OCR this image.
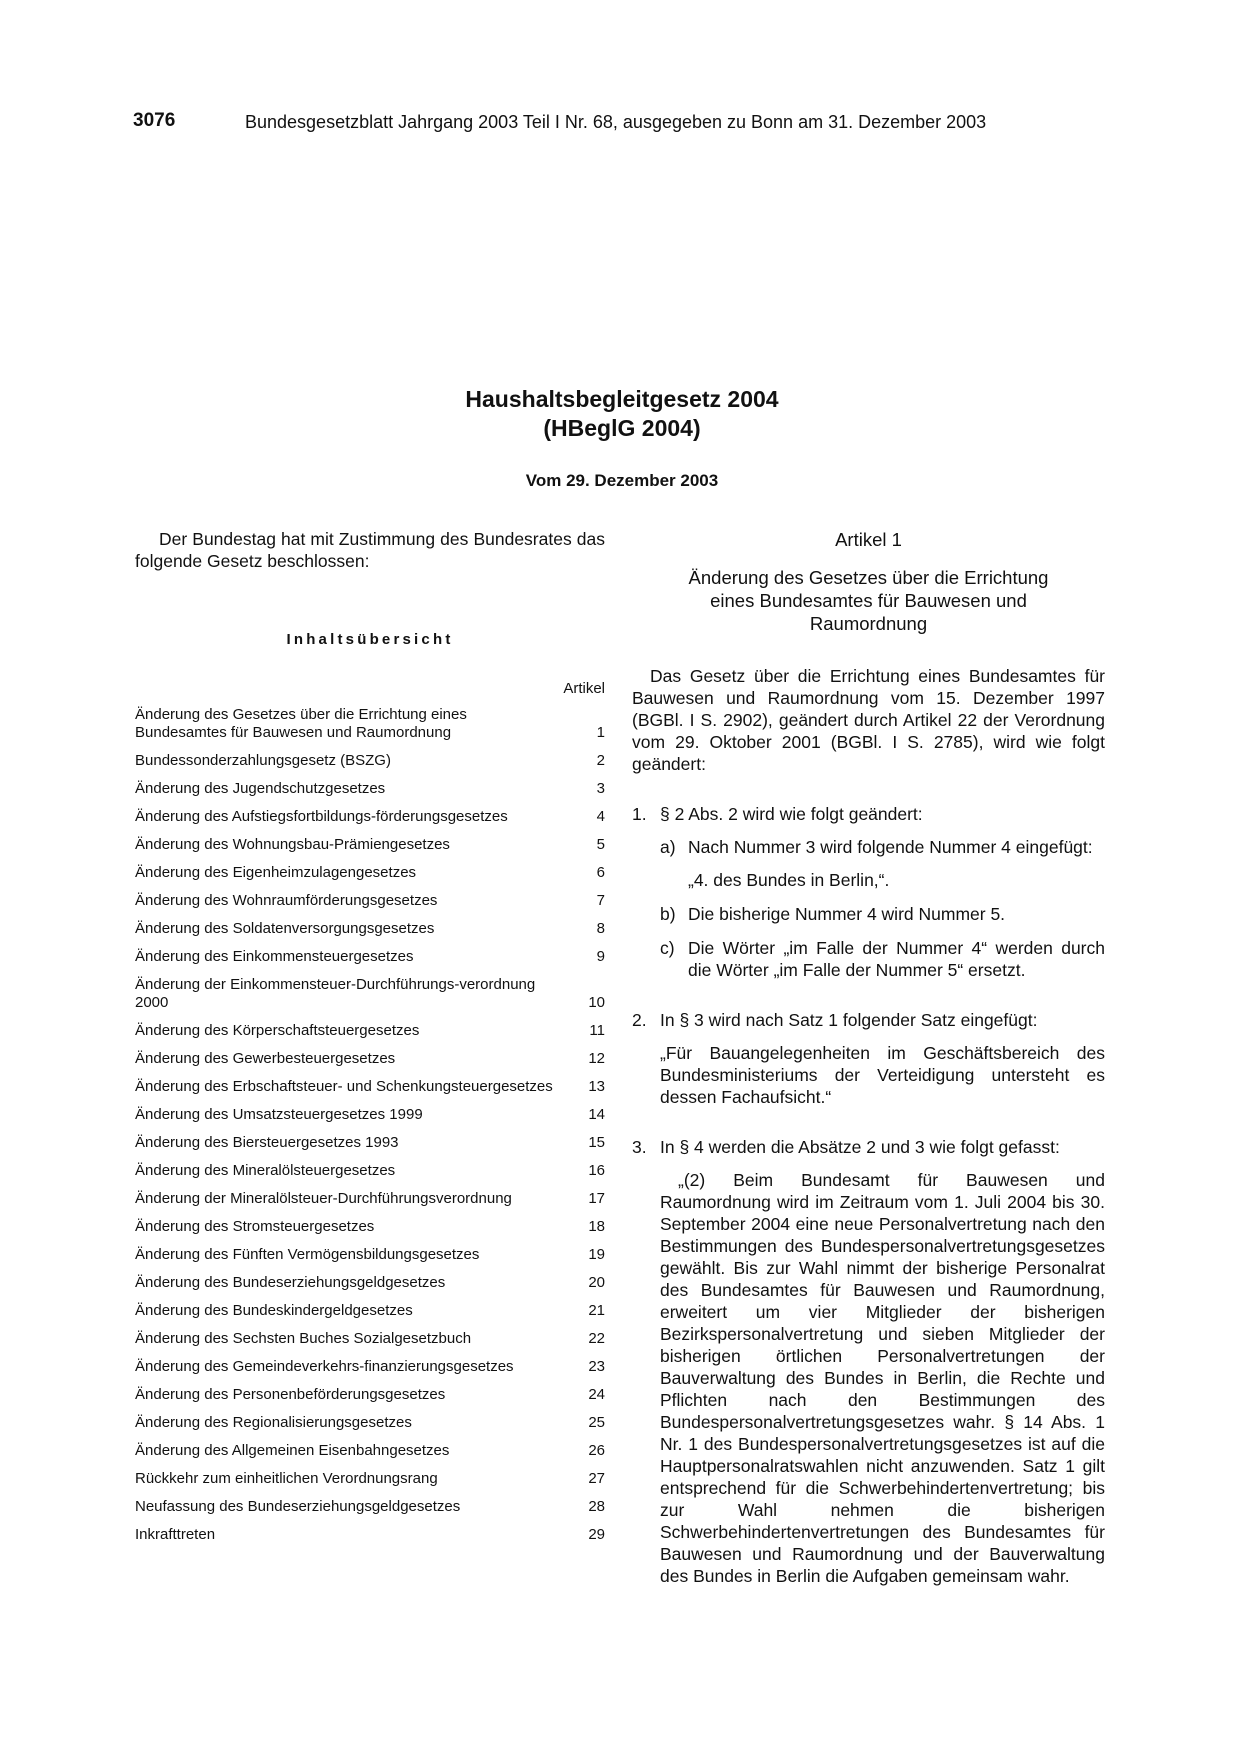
3076	Bundesgesetzblatt Jahrgang 2003 Teil I Nr. 68, ausgegeben zu Bonn am 31. Dezember 2003
Haushaltsbegleitgesetz 2004
(HBeglG 2004)
Vom 29. Dezember 2003

Der Bundestag hat mit Zustimmung des Bundesrates das folgende Gesetz beschlossen:

Inhaltsübersicht
Artikel
Änderung des Gesetzes über die Errichtung eines Bundesamtes für Bauwesen und Raumordnung	1
Bundessonderzahlungsgesetz (BSZG)	2
Änderung des Jugendschutzgesetzes	3
Änderung des Aufstiegsfortbildungs-förderungsgesetzes	4
Änderung des Wohnungsbau-Prämiengesetzes	5
Änderung des Eigenheimzulagengesetzes	6
Änderung des Wohnraumförderungsgesetzes	7
Änderung des Soldatenversorgungsgesetzes	8
Änderung des Einkommensteuergesetzes	9
Änderung der Einkommensteuer-Durchführungs-verordnung 2000	10
Änderung des Körperschaftsteuergesetzes	11
Änderung des Gewerbesteuergesetzes	12
Änderung des Erbschaftsteuer- und Schenkungsteuergesetzes 13
Änderung des Umsatzsteuergesetzes 1999	14
Änderung des Biersteuergesetzes 1993	15
Änderung des Mineralölsteuergesetzes	16
Änderung der Mineralölsteuer-Durchführungsverordnung	17
Änderung des Stromsteuergesetzes	18
Änderung des Fünften Vermögensbildungsgesetzes	19
Änderung des Bundeserziehungsgeldgesetzes	20
Änderung des Bundeskindergeldgesetzes	21
Änderung des Sechsten Buches Sozialgesetzbuch	22
Änderung des Gemeindeverkehrs-finanzierungsgesetzes	23
Änderung des Personenbeförderungsgesetzes	24
Änderung des Regionalisierungsgesetzes	25
Änderung des Allgemeinen Eisenbahngesetzes	26
Rückkehr zum einheitlichen Verordnungsrang	27
Neufassung des Bundeserziehungsgeldgesetzes	28
Inkrafttreten	29
Artikel 1
Änderung des Gesetzes über die Errichtung eines Bundesamtes für Bauwesen und Raumordnung

Das Gesetz über die Errichtung eines Bundesamtes für Bauwesen und Raumordnung vom 15. Dezember 1997 (BGBl. I S. 2902), geändert durch Artikel 22 der Verordnung vom 29. Oktober 2001 (BGBl. I S. 2785), wird wie folgt geändert:

1. § 2 Abs. 2 wird wie folgt geändert:
a) Nach Nummer 3 wird folgende Nummer 4 eingefügt:
„4. des Bundes in Berlin,“.
b) Die bisherige Nummer 4 wird Nummer 5.
c) Die Wörter „im Falle der Nummer 4“ werden durch die Wörter „im Falle der Nummer 5“ ersetzt.
2. In § 3 wird nach Satz 1 folgender Satz eingefügt:
„Für Bauangelegenheiten im Geschäftsbereich des Bundesministeriums der Verteidigung untersteht es dessen Fachaufsicht.“
3. In § 4 werden die Absätze 2 und 3 wie folgt gefasst:
„(2) Beim Bundesamt für Bauwesen und Raumordnung wird im Zeitraum vom 1. Juli 2004 bis 30. September 2004 eine neue Personalvertretung nach den Bestimmungen des Bundespersonalvertretungsgesetzes gewählt. Bis zur Wahl nimmt der bisherige Personalrat des Bundesamtes für Bauwesen und Raumordnung, erweitert um vier Mitglieder der bisherigen Bezirkspersonalvertretung und sieben Mitglieder der bisherigen örtlichen Personalvertretungen der Bauverwaltung des Bundes in Berlin, die Rechte und Pflichten nach den Bestimmungen des Bundespersonalvertretungsgesetzes wahr. § 14 Abs. 1 Nr. 1 des Bundespersonalvertretungsgesetzes ist auf die Hauptpersonalratswahlen nicht anzuwenden. Satz 1 gilt entsprechend für die Schwerbehindertenvertretung; bis zur Wahl nehmen die bisherigen Schwerbehindertenvertretungen des Bundesamtes für Bauwesen und Raumordnung und der Bauverwaltung des Bundes in Berlin die Aufgaben gemeinsam wahr.
